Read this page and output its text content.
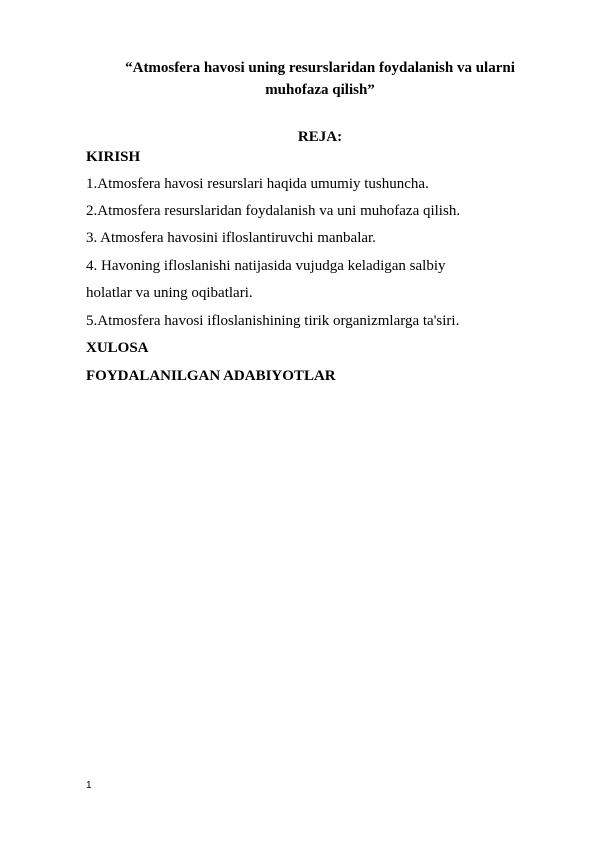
“Atmosfera havosi uning resurslaridan foydalanish va ularni
muhofaza qilish”
REJA:
KIRISH
1.Atmosfera havosi resurslari haqida umumiy tushuncha.
2.Atmosfera resurslaridan foydalanish va uni muhofaza qilish.
3. Atmosfera havosini ifloslantiruvchi manbalar.
4. Havoning ifloslanishi natijasida vujudga keladigan salbiy
holatlar va uning oqibatlari.
5.Atmosfera havosi ifloslanishining tirik organizmlarga ta'siri.
XULOSA
FOYDALANILGAN ADABIYOTLAR
1
